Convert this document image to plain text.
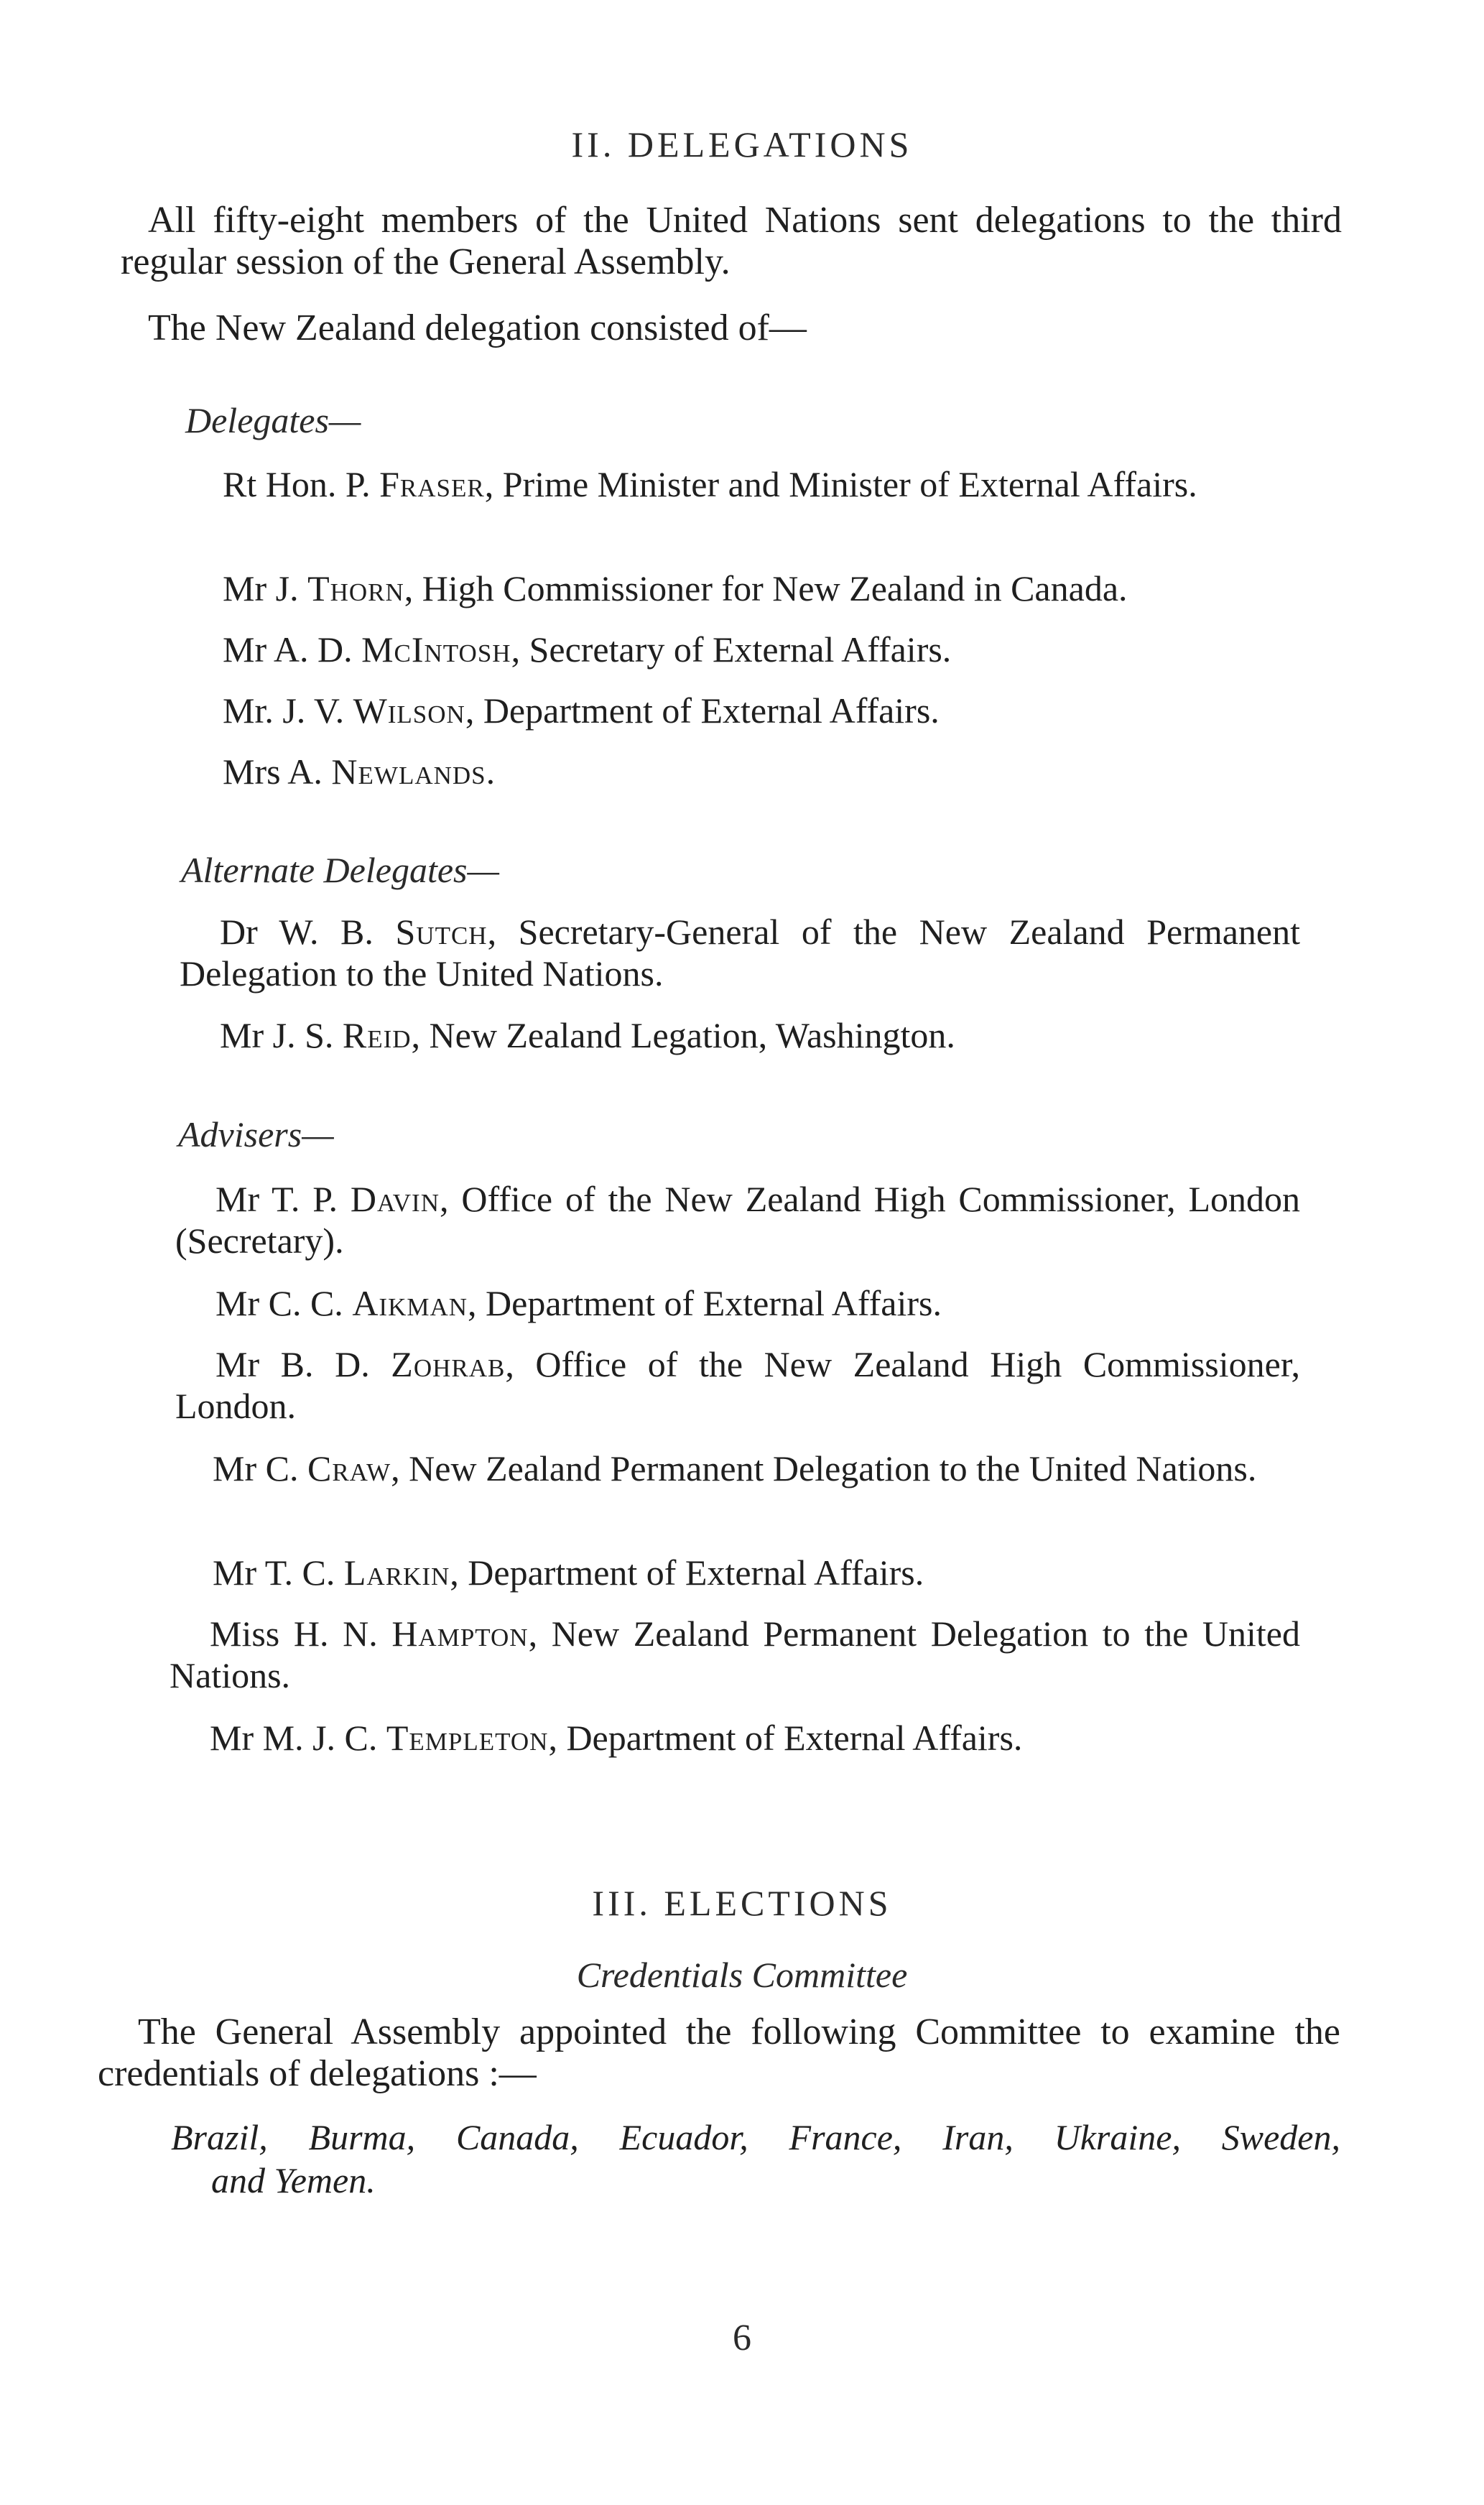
II. DELEGATIONS
All fifty-eight members of the United Nations sent delegations to the third regular session of the General Assembly.
The New Zealand delegation consisted of—
Delegates—
Rt Hon. P. Fraser, Prime Minister and Minister of External Affairs.
Mr J. Thorn, High Commissioner for New Zealand in Canada.
Mr A. D. McIntosh, Secretary of External Affairs.
Mr. J. V. Wilson, Department of External Affairs.
Mrs A. Newlands.
Alternate Delegates—
Dr W. B. Sutch, Secretary-General of the New Zealand Permanent Delegation to the United Nations.
Mr J. S. Reid, New Zealand Legation, Washington.
Advisers—
Mr T. P. Davin, Office of the New Zealand High Commissioner, London (Secretary).
Mr C. C. Aikman, Department of External Affairs.
Mr B. D. Zohrab, Office of the New Zealand High Commissioner, London.
Mr C. Craw, New Zealand Permanent Delegation to the United Nations.
Mr T. C. Larkin, Department of External Affairs.
Miss H. N. Hampton, New Zealand Permanent Delegation to the United Nations.
Mr M. J. C. Templeton, Department of External Affairs.
III. ELECTIONS
Credentials Committee
The General Assembly appointed the following Committee to examine the credentials of delegations :—
Brazil, Burma, Canada, Ecuador, France, Iran, Ukraine, Sweden,
and Yemen.
6
